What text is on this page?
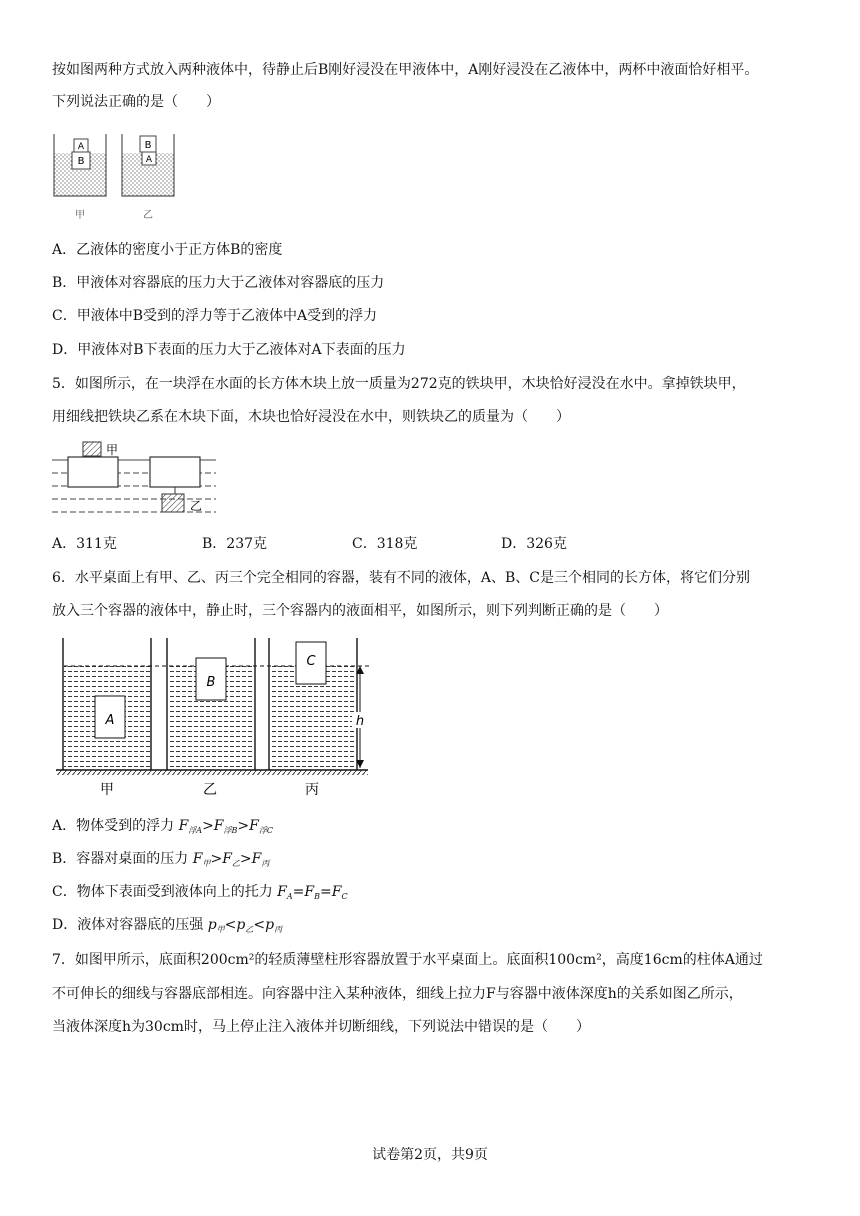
按如图两种方式放入两种液体中，待静止后B刚好浸没在甲液体中，A刚好浸没在乙液体中，两杯中液面恰好相平。
下列说法正确的是（　　）
A
B
B
A
甲	乙
A．乙液体的密度小于正方体B的密度
B．甲液体对容器底的压力大于乙液体对容器底的压力
C．甲液体中B受到的浮力等于乙液体中A受到的浮力
D．甲液体对B下表面的压力大于乙液体对A下表面的压力
5．如图所示，在一块浮在水面的长方体木块上放一质量为272克的铁块甲，木块恰好浸没在水中。拿掉铁块甲，
用细线把铁块乙系在木块下面，木块也恰好浸没在水中，则铁块乙的质量为（　　）
甲
乙
A．311克	B．237克	C．318克	D．326克
6．水平桌面上有甲、乙、丙三个完全相同的容器，装有不同的液体，A、B、C是三个相同的长方体，将它们分别
放入三个容器的液体中，静止时，三个容器内的液面相平，如图所示，则下列判断正确的是（　　）
A
B
C
h
甲	乙	丙
A．物体受到的浮力 $F_{浮A}>F_{浮B}>F_{浮C}$
B．容器对桌面的压力 $F_甲>F_乙>F_丙$
C．物体下表面受到液体向上的托力 $F_A=F_B=F_C$
D．液体对容器底的压强 $p_甲<p_乙<p_丙$
7．如图甲所示，底面积200cm²的轻质薄壁柱形容器放置于水平桌面上。底面积100cm²，高度16cm的柱体A通过
不可伸长的细线与容器底部相连。向容器中注入某种液体，细线上拉力F与容器中液体深度h的关系如图乙所示，
当液体深度h为30cm时，马上停止注入液体并切断细线，下列说法中错误的是（　　）
试卷第2页，共9页
